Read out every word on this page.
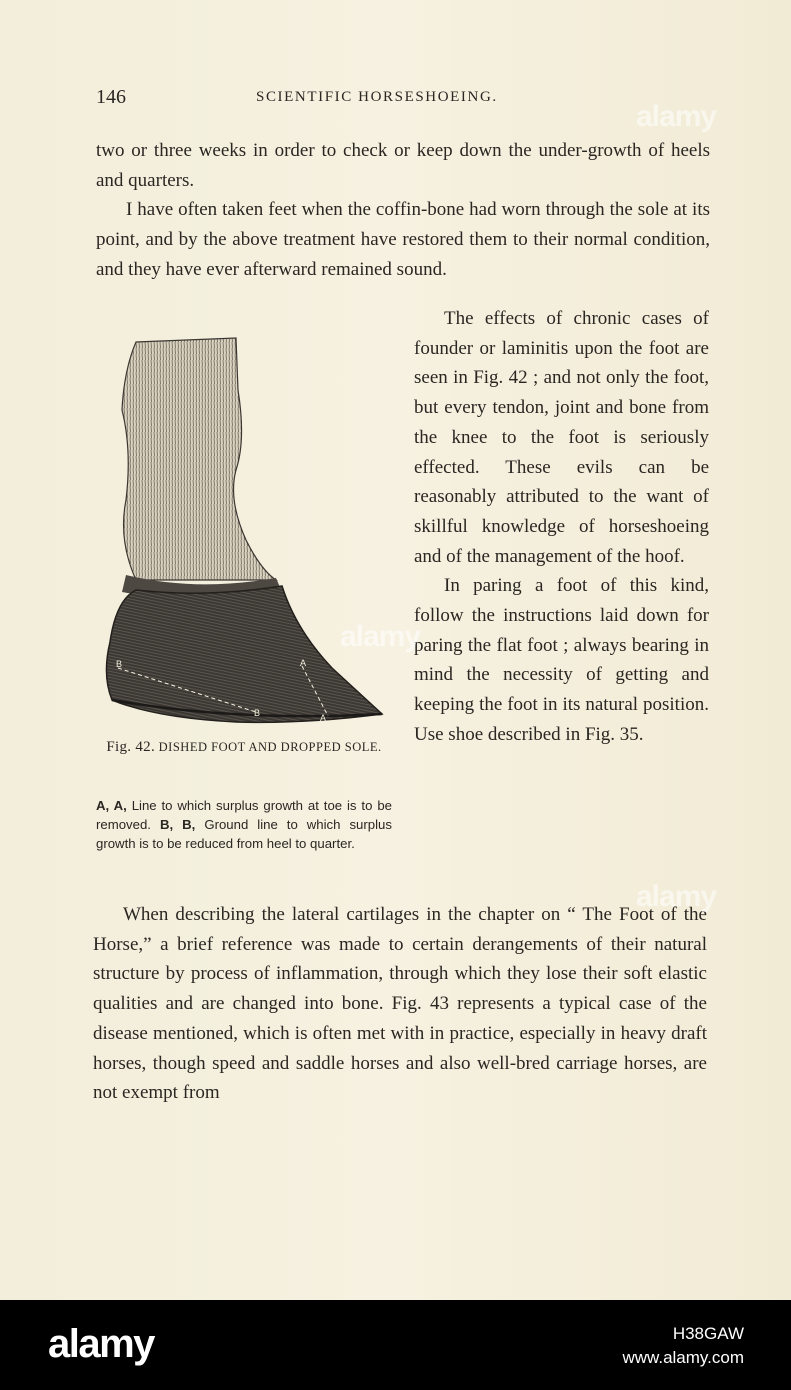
146	SCIENTIFIC HORSESHOEING.

two or three weeks in order to check or keep down the under-growth of heels and quarters.

I have often taken feet when the coffin-bone had worn through the sole at its point, and by the above treatment have restored them to their normal condition, and they have ever afterward remained sound.

B
B
A
A
Fig. 42. DISHED FOOT AND DROPPED SOLE.
A, A, Line to which surplus growth at toe is to be removed. B, B, Ground line to which surplus growth is to be reduced from heel to quarter.

The effects of chronic cases of founder or laminitis upon the foot are seen in Fig. 42 ; and not only the foot, but every tendon, joint and bone from the knee to the foot is seriously effected. These evils can be reasonably attributed to the want of skillful knowledge of horseshoeing and of the management of the hoof.

In paring a foot of this kind, follow the instructions laid down for paring the flat foot ; always bearing in mind the necessity of getting and keeping the foot in its natural position. Use shoe described in Fig. 35.

When describing the lateral cartilages in the chapter on “ The Foot of the Horse,” a brief reference was made to certain derangements of their natural structure by process of inflammation, through which they lose their soft elastic qualities and are changed into bone. Fig. 43 represents a typical case of the disease mentioned, which is often met with in practice, especially in heavy draft horses, though speed and saddle horses and also well-bred carriage horses, are not exempt from

alamy
alamy
alamy
alamy	H38GAW
www.alamy.com
